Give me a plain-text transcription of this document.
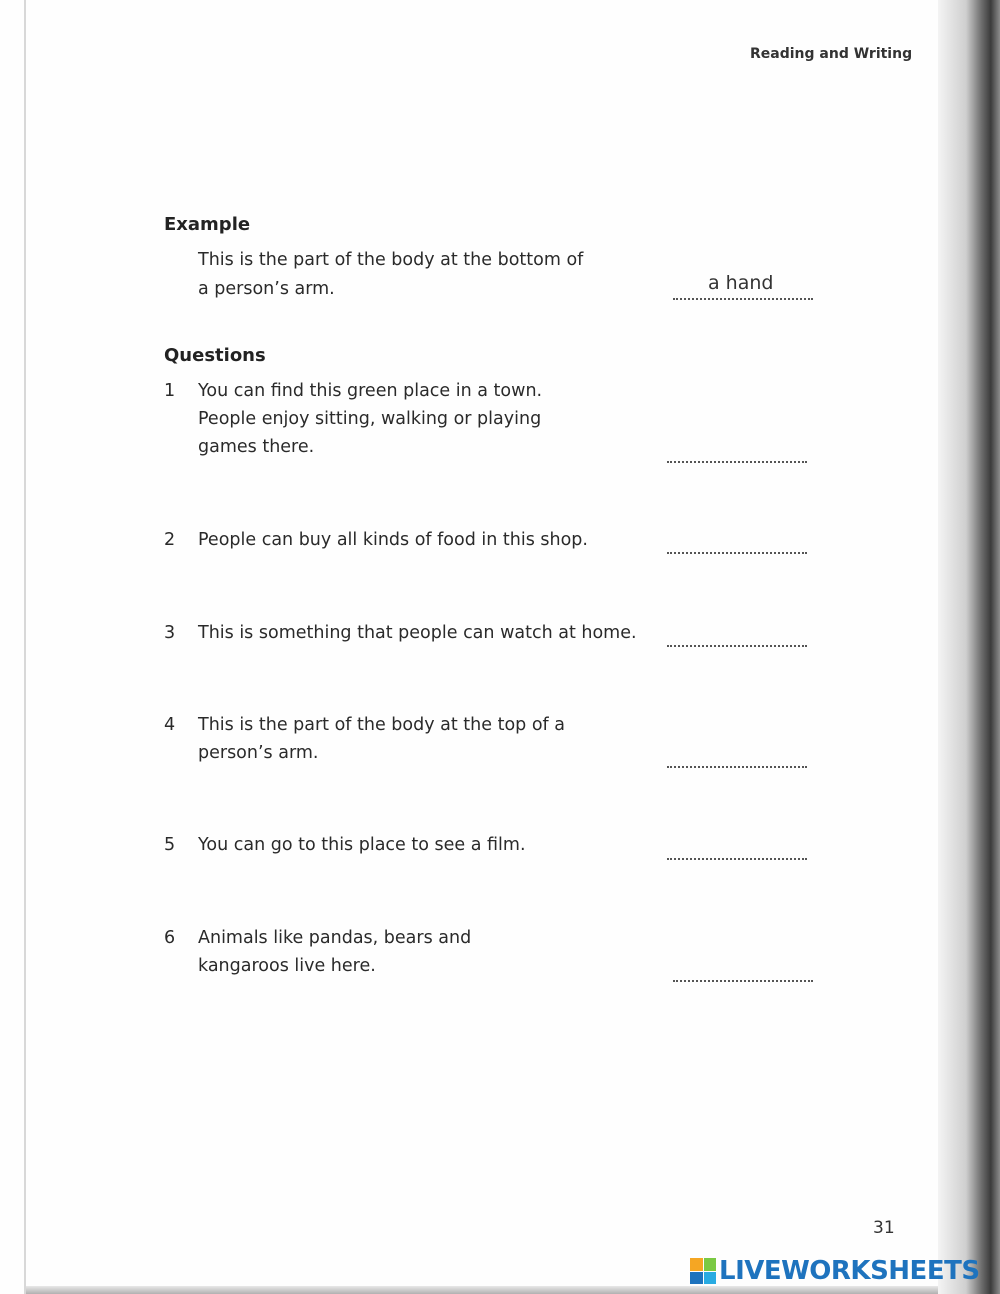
Reading and Writing
Example
This is the part of the body at the bottom of
a person’s arm.	a hand
Questions
1 You can find this green place in a town.
People enjoy sitting, walking or playing
games there.
2 People can buy all kinds of food in this shop.
3 This is something that people can watch at home.
4 This is the part of the body at the top of a
person’s arm.
5 You can go to this place to see a film.
6 Animals like pandas, bears and
kangaroos live here.
31
LIVEWORKSHEETS
